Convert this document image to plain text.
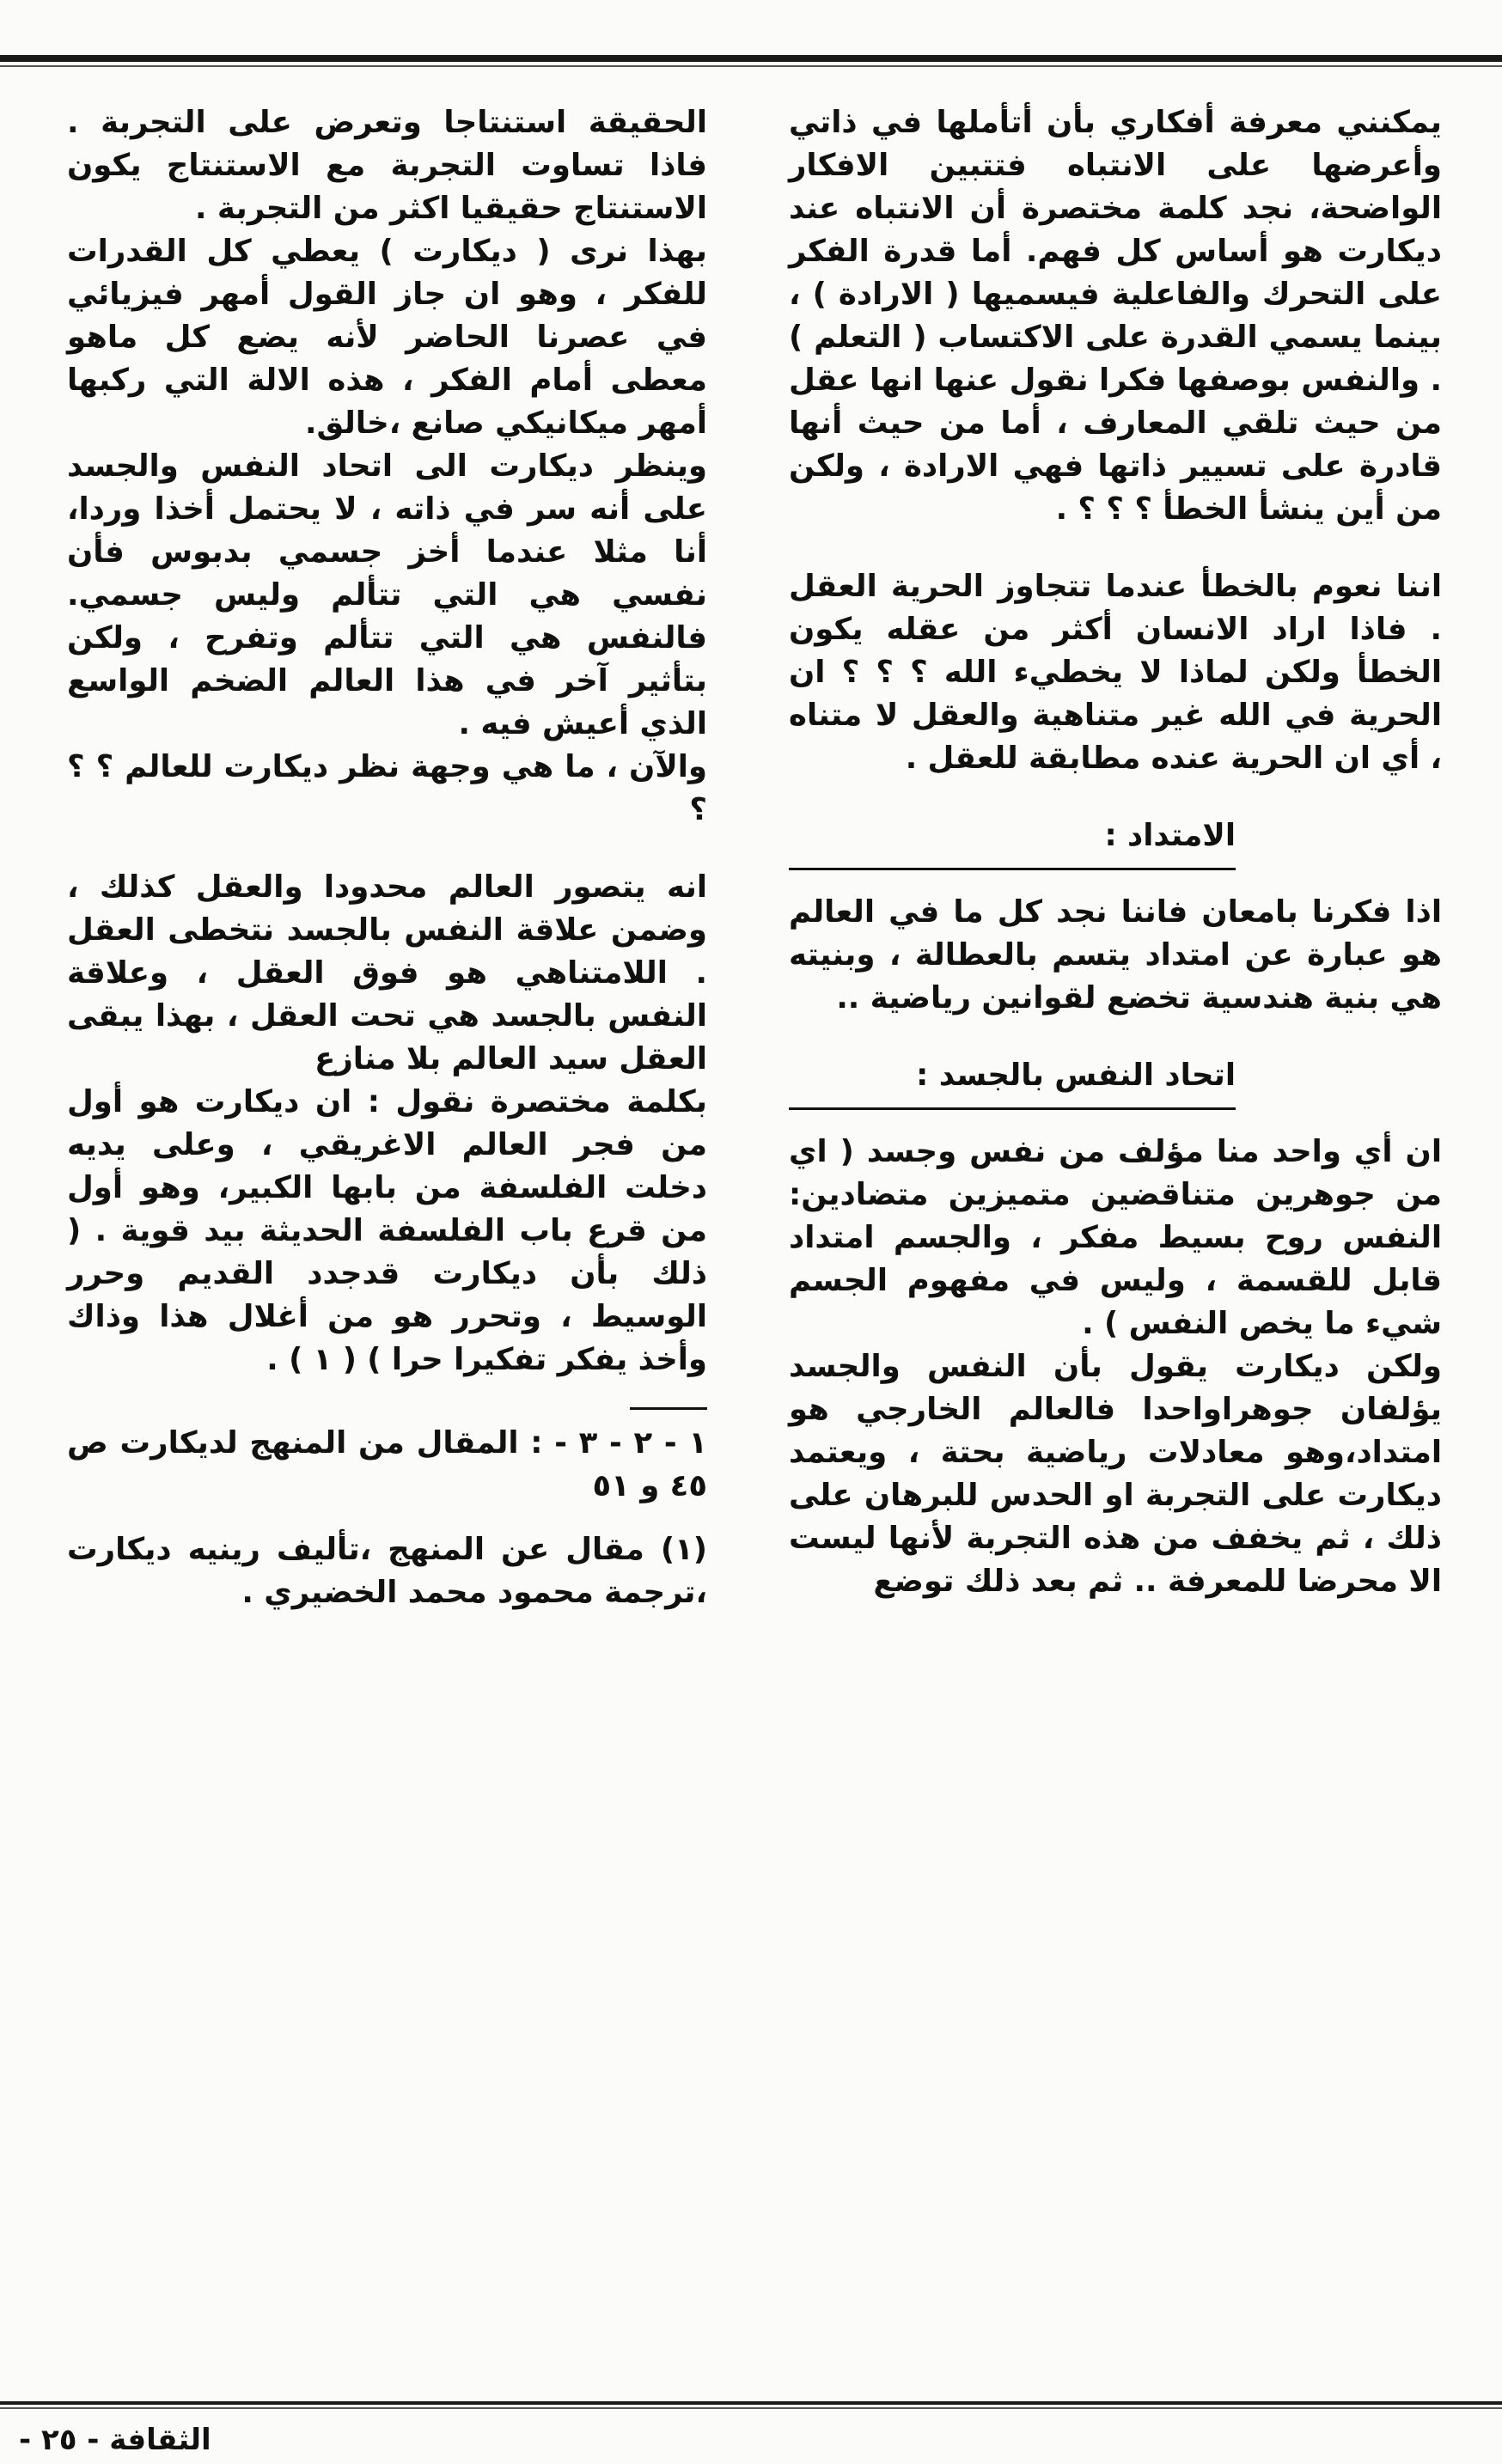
يمكنني معرفة أفكاري بأن أتأملها في ذاتي وأعرضها على الانتباه فتتبين الافكار الواضحة، نجد كلمة مختصرة أن الانتباه عند ديكارت هو أساس كل فهم. أما قدرة الفكر على التحرك والفاعلية فيسميها ( الارادة ) ، بينما يسمي القدرة على الاكتساب ( التعلم ) . والنفس بوصفها فكرا نقول عنها انها عقل من حيث تلقي المعارف ، أما من حيث أنها قادرة على تسيير ذاتها فهي الارادة ، ولكن من أين ينشأ الخطأ ؟ ؟ ؟ .

اننا نعوم بالخطأ عندما تتجاوز الحرية العقل . فاذا اراد الانسان أكثر من عقله يكون الخطأ ولكن لماذا لا يخطيء الله ؟ ؟ ؟ ان الحرية في الله غير متناهية والعقل لا متناه ، أي ان الحرية عنده مطابقة للعقل .

الامتداد :

اذا فكرنا بامعان فاننا نجد كل ما في العالم هو عبارة عن امتداد يتسم بالعطالة ، وبنيته هي بنية هندسية تخضع لقوانين رياضية ..

اتحاد النفس بالجسد :

ان أي واحد منا مؤلف من نفس وجسد ( اي من جوهرين متناقضين متميزين متضادين: النفس روح بسيط مفكر ، والجسم امتداد قابل للقسمة ، وليس في مفهوم الجسم شيء ما يخص النفس ) .

ولكن ديكارت يقول بأن النفس والجسد يؤلفان جوهراواحدا فالعالم الخارجي هو امتداد،وهو معادلات رياضية بحتة ، ويعتمد ديكارت على التجربة او الحدس للبرهان على ذلك ، ثم يخفف من هذه التجربة لأنها ليست الا محرضا للمعرفة .. ثم بعد ذلك توضع

الحقيقة استنتاجا وتعرض على التجربة . فاذا تساوت التجربة مع الاستنتاج يكون الاستنتاج حقيقيا اكثر من التجربة .

بهذا نرى ( ديكارت ) يعطي كل القدرات للفكر ، وهو ان جاز القول أمهر فيزيائي في عصرنا الحاضر لأنه يضع كل ماهو معطى أمام الفكر ، هذه الالة التي ركبها أمهر ميكانيكي صانع ،خالق.

وينظر ديكارت الى اتحاد النفس والجسد على أنه سر في ذاته ، لا يحتمل أخذا وردا، أنا مثلا عندما أخز جسمي بدبوس فأن نفسي هي التي تتألم وليس جسمي. فالنفس هي التي تتألم وتفرح ، ولكن بتأثير آخر في هذا العالم الضخم الواسع الذي أعيش فيه .

والآن ، ما هي وجهة نظر ديكارت للعالم ؟ ؟ ؟

انه يتصور العالم محدودا والعقل كذلك ، وضمن علاقة النفس بالجسد نتخطى العقل . اللامتناهي هو فوق العقل ، وعلاقة النفس بالجسد هي تحت العقل ، بهذا يبقى العقل سيد العالم بلا منازع

بكلمة مختصرة نقول : ان ديكارت هو أول من فجر العالم الاغريقي ، وعلى يديه دخلت الفلسفة من بابها الكبير، وهو أول من قرع باب الفلسفة الحديثة بيد قوية . ( ذلك بأن ديكارت قدجدد القديم وحرر الوسيط ، وتحرر هو من أغلال هذا وذاك وأخذ يفكر تفكيرا حرا ) ( ١ ) .

١ - ٢ - ٣ - : المقال من المنهج لديكارت ص ٤٥ و ٥١

(١) مقال عن المنهج ،تأليف رينيه ديكارت ،ترجمة محمود محمد الخضيري .

الثقافة - ٢٥ -
